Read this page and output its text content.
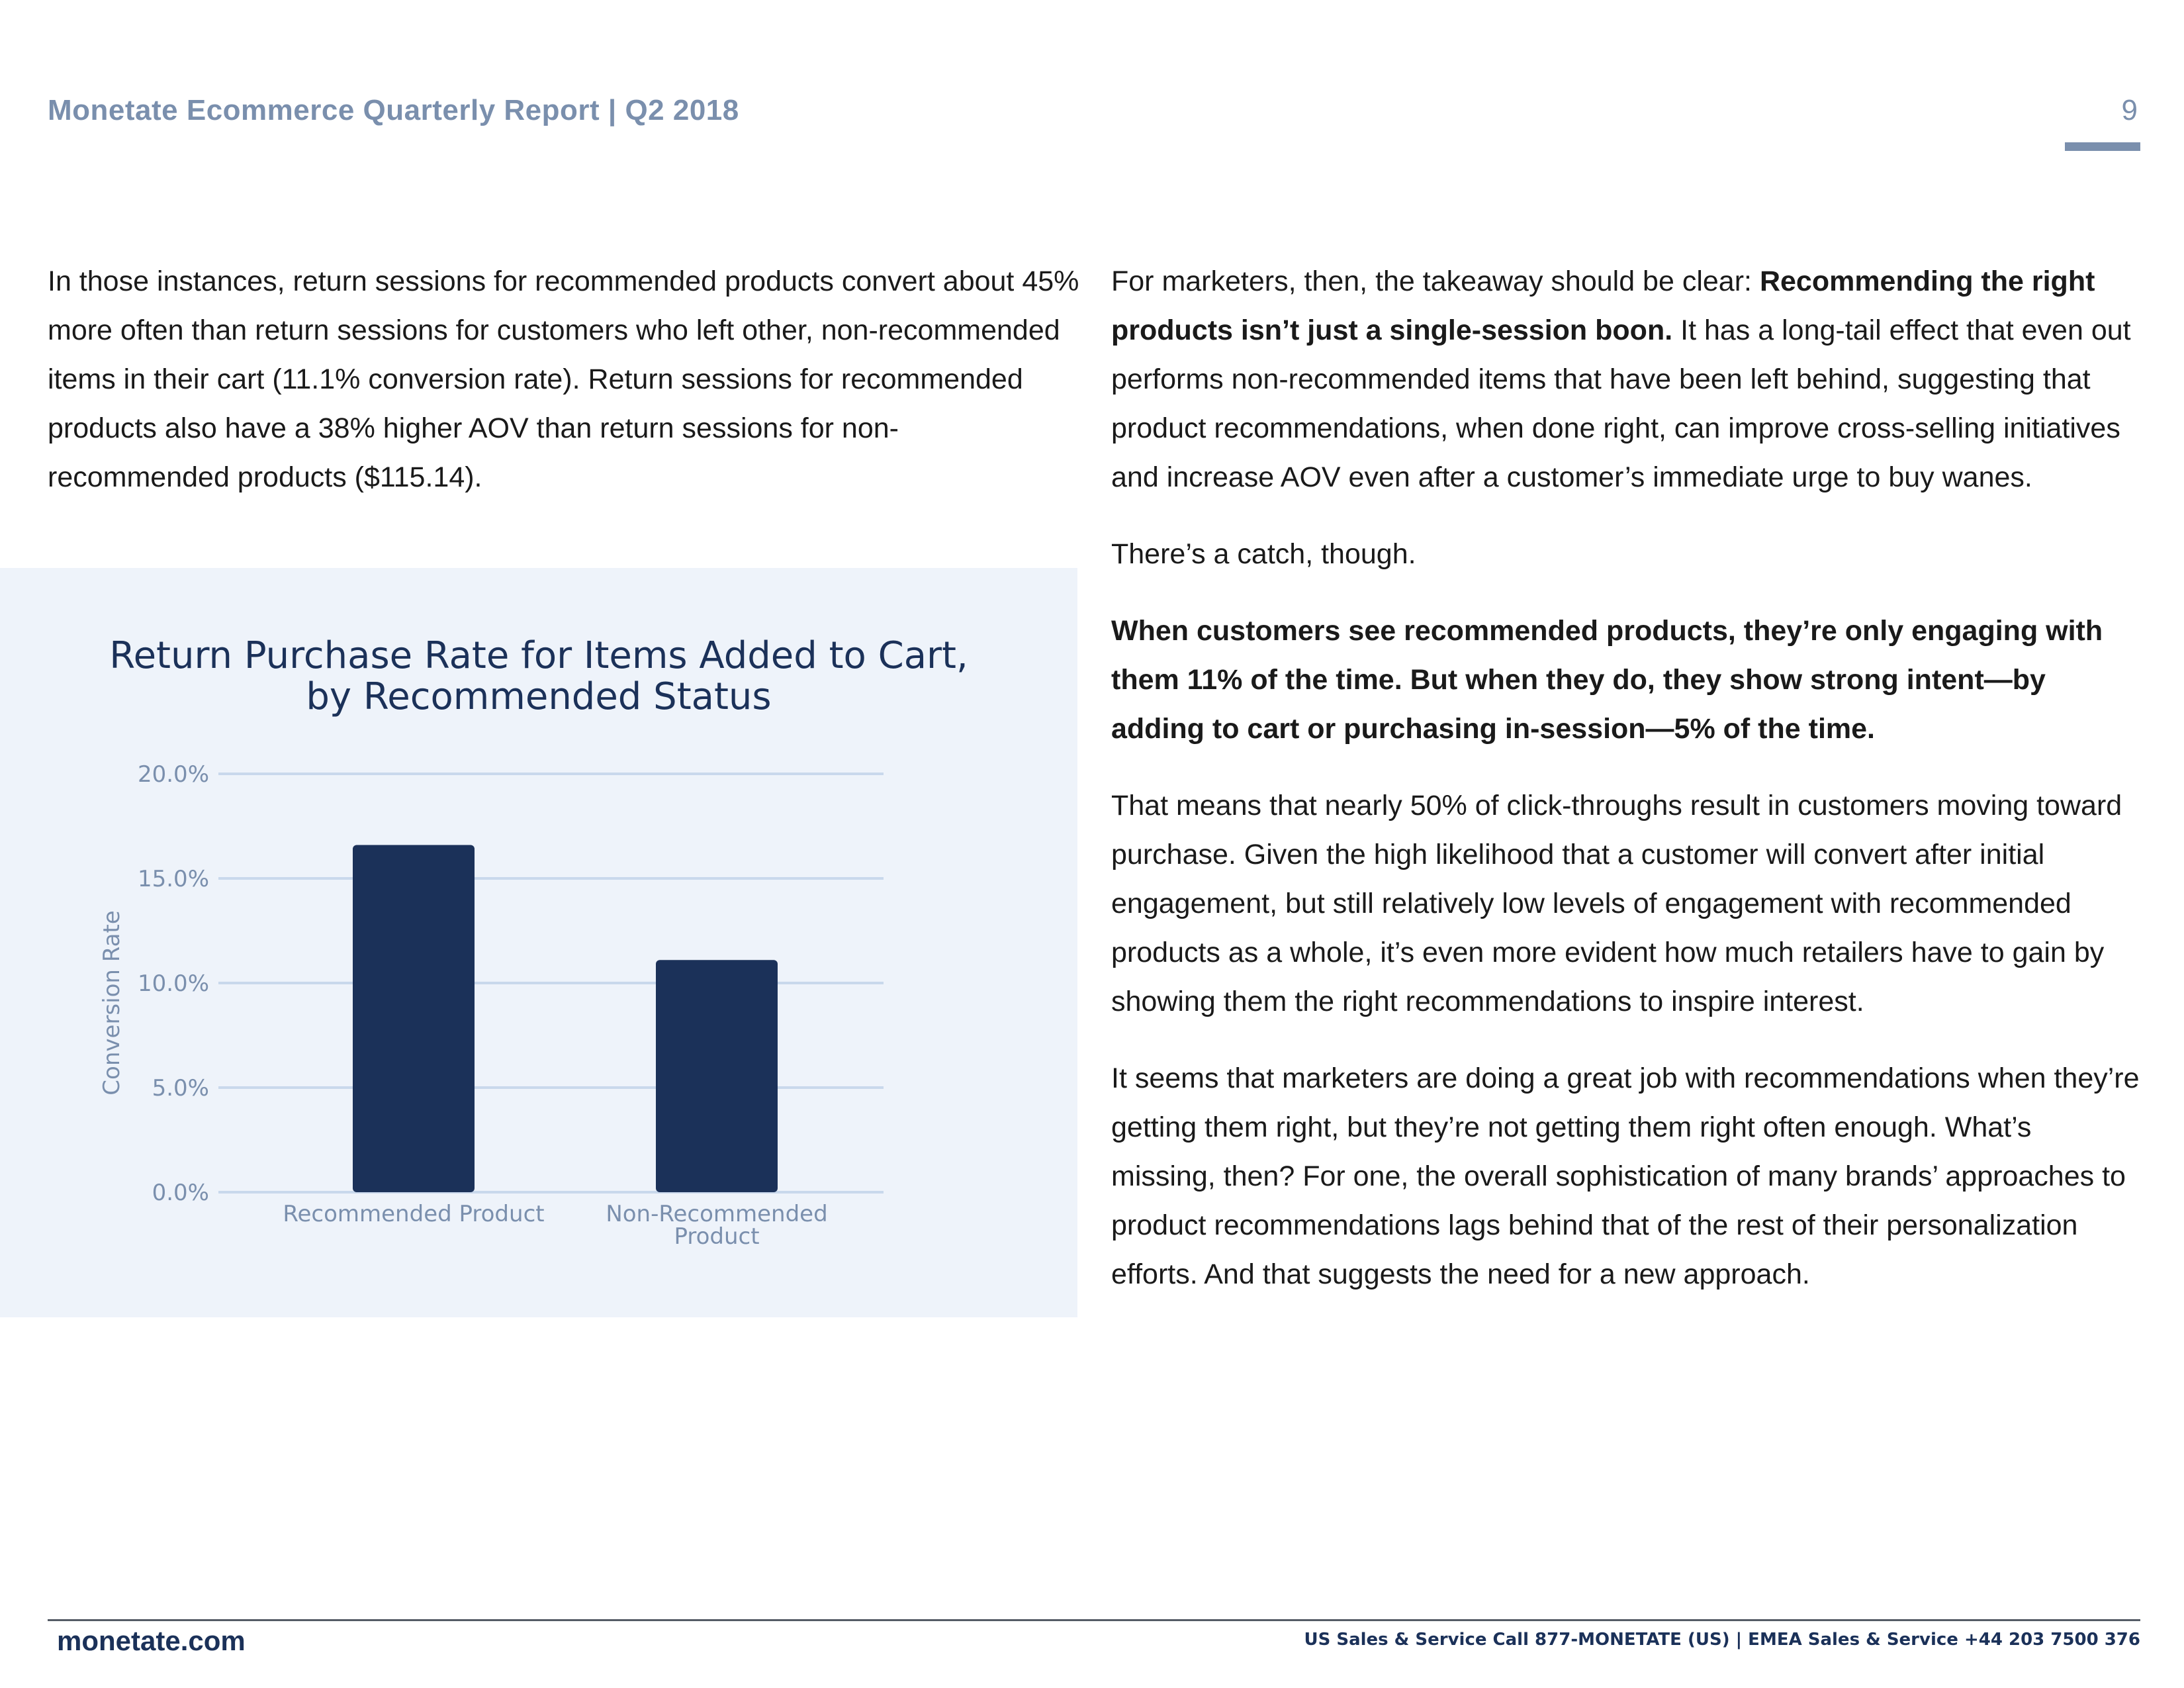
Monetate Ecommerce Quarterly Report | Q2 2018	9

In those instances, return sessions for recommended products convert about 45% more often than return sessions for customers who left other, non-recommended items in their cart (11.1% conversion rate). Return sessions for recommended products also have a 38% higher AOV than return sessions for non-recommended products ($115.14).

Return Purchase Rate for Items Added to Cart,
by Recommended Status
0.0%
5.0%
10.0%
15.0%
20.0%
Conversion Rate
Recommended Product	Non-Recommended
Product

For marketers, then, the takeaway should be clear: Recommending the right products isn’t just a single-session boon. It has a long-tail effect that even out performs non-recommended items that have been left behind, suggesting that product recommendations, when done right, can improve cross-selling initiatives and increase AOV even after a customer’s immediate urge to buy wanes.

There’s a catch, though.

When customers see recommended products, they’re only engaging with them 11% of the time. But when they do, they show strong intent—by adding to cart or purchasing in-session—5% of the time.

That means that nearly 50% of click-throughs result in customers moving toward purchase. Given the high likelihood that a customer will convert after initial engagement, but still relatively low levels of engagement with recommended products as a whole, it’s even more evident how much retailers have to gain by showing them the right recommendations to inspire interest.

It seems that marketers are doing a great job with recommendations when they’re getting them right, but they’re not getting them right often enough. What’s missing, then? For one, the overall sophistication of many brands’ approaches to product recommendations lags behind that of the rest of their personalization efforts. And that suggests the need for a new approach.

monetate.com	US Sales & Service Call 877-MONETATE (US) | EMEA Sales & Service +44 203 7500 376
